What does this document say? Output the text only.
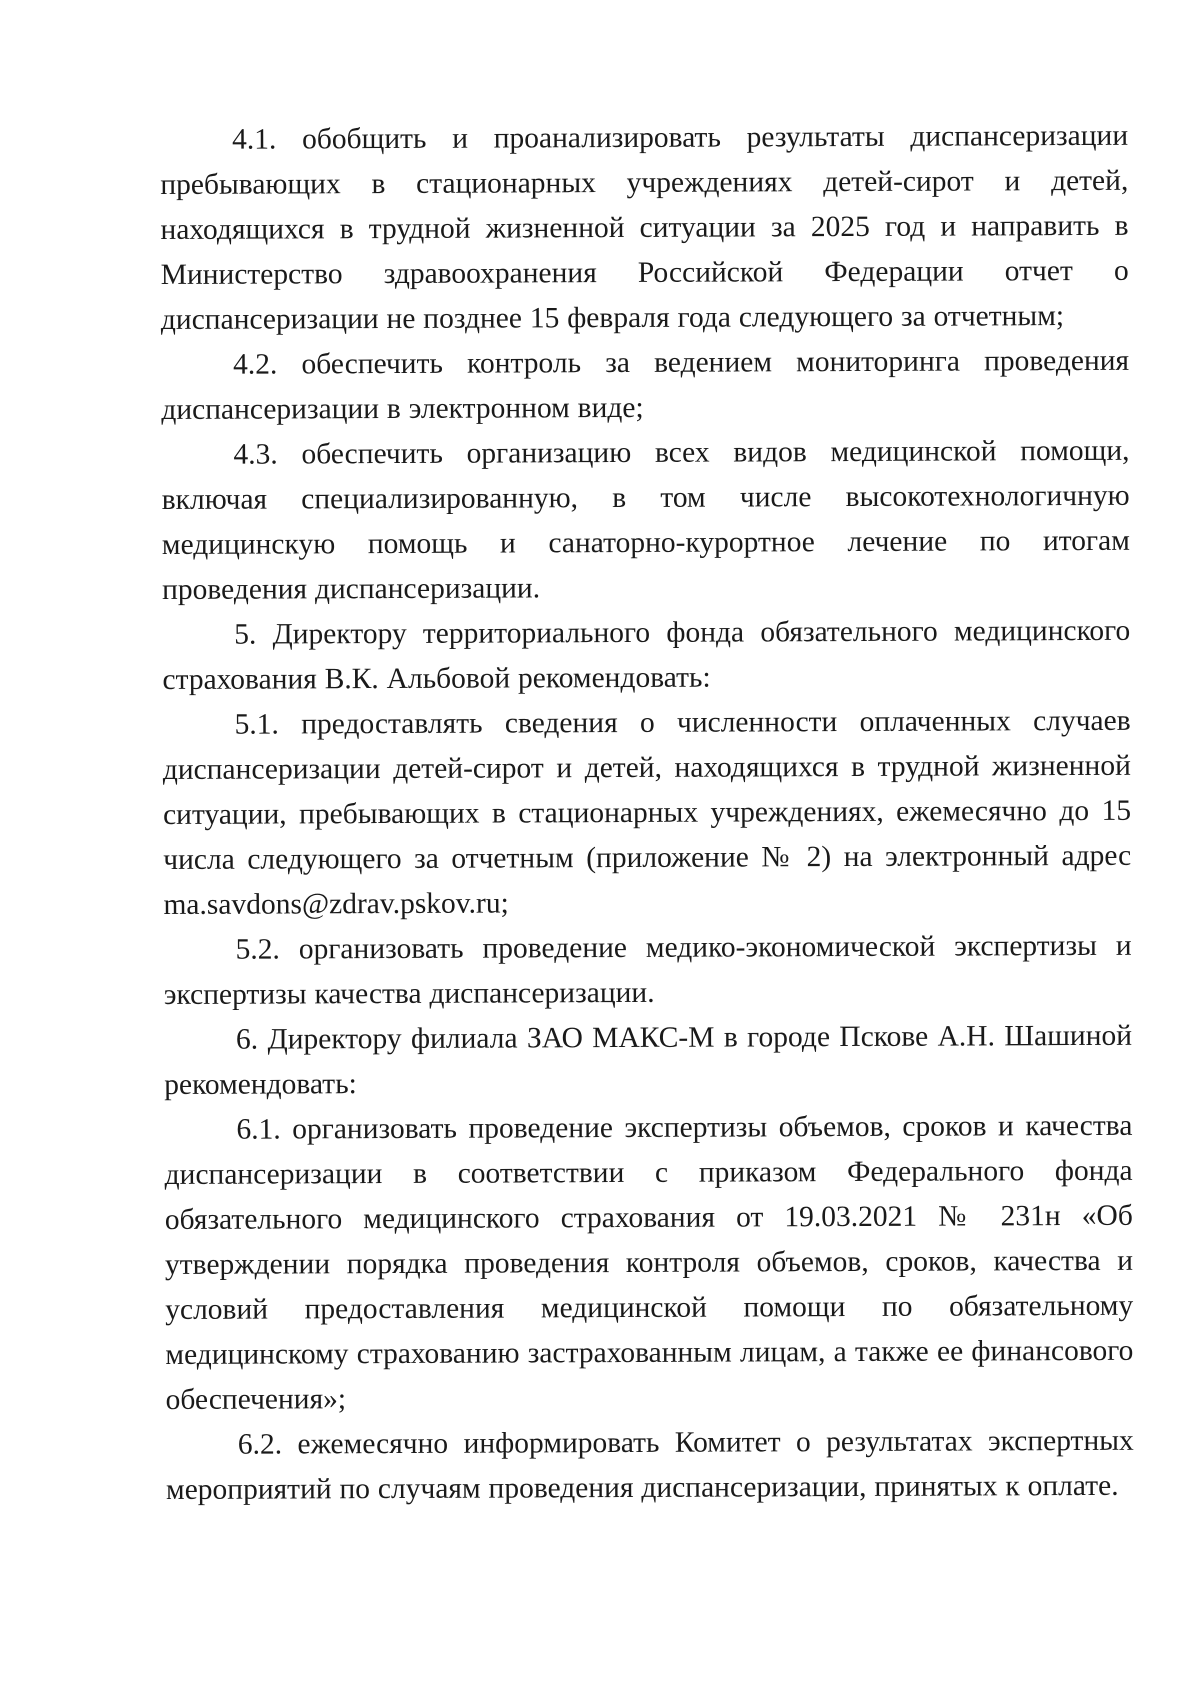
4.1. обобщить и проанализировать результаты диспансеризации пребывающих в стационарных учреждениях детей-сирот и детей, находящихся в трудной жизненной ситуации за 2025 год и направить в Министерство здравоохранения Российской Федерации отчет о диспансеризации не позднее 15 февраля года следующего за отчетным;

4.2. обеспечить контроль за ведением мониторинга проведения диспансеризации в электронном виде;

4.3. обеспечить организацию всех видов медицинской помощи, включая специализированную, в том числе высокотехнологичную медицинскую помощь и санаторно-курортное лечение по итогам проведения диспансеризации.

5. Директору территориального фонда обязательного медицинского страхования В.К. Альбовой рекомендовать:

5.1. предоставлять сведения о численности оплаченных случаев диспансеризации детей-сирот и детей, находящихся в трудной жизненной ситуации, пребывающих в стационарных учреждениях, ежемесячно до 15 числа следующего за отчетным (приложение № 2) на электронный адрес ma.savdons@zdrav.pskov.ru;

5.2. организовать проведение медико-экономической экспертизы и экспертизы качества диспансеризации.

6. Директору филиала ЗАО МАКС-М в городе Пскове А.Н. Шашиной рекомендовать:

6.1. организовать проведение экспертизы объемов, сроков и качества диспансеризации в соответствии с приказом Федерального фонда обязательного медицинского страхования от 19.03.2021 № 231н «Об утверждении порядка проведения контроля объемов, сроков, качества и условий предоставления медицинской помощи по обязательному медицинскому страхованию застрахованным лицам, а также ее финансового обеспечения»;

6.2. ежемесячно информировать Комитет о результатах экспертных мероприятий по случаям проведения диспансеризации, принятых к оплате.
